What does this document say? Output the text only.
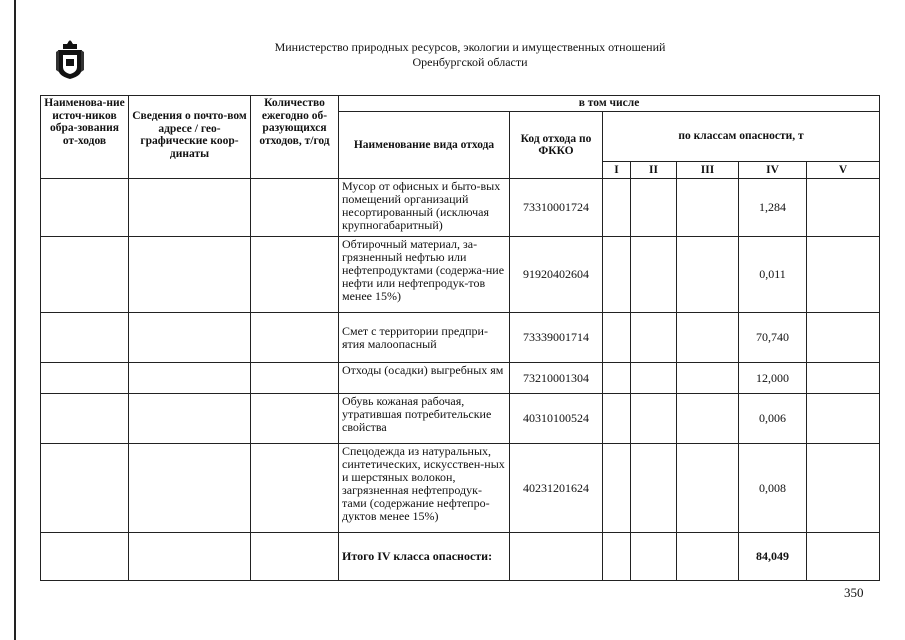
Министерство природных ресурсов, экологии и имущественных отношений
Оренбургской области
Наименова-ние источ-ников обра-зования от-ходов	Сведения о почто-вом адресе / гео-графические коор-динаты	Количество ежегодно об-разующихся отходов, т/год	в том числе						
			Наименование вида отхода	Код отхода по ФККО	по классам опасности, т				
					I	II	III	IV	V
			Мусор от офисных и быто-вых помещений организаций несортированный (исключая крупногабаритный)	73310001724				1,284	
			Обтирочный материал, за-грязненный нефтью или нефтепродуктами (содержа-ние нефти или нефтепродук-тов менее 15%)	91920402604				0,011	
			Смет с территории предпри-ятия малоопасный	73339001714				70,740	
			Отходы (осадки) выгребных ям	73210001304				12,000	
			Обувь кожаная рабочая, утратившая потребительские свойства	40310100524				0,006	
			Спецодежда из натуральных, синтетических, искусствен-ных и шерстяных волокон, загрязненная нефтепродук-тами (содержание нефтепро-дуктов менее 15%)	40231201624				0,008	
			Итого IV класса опасности:					84,049	
350
